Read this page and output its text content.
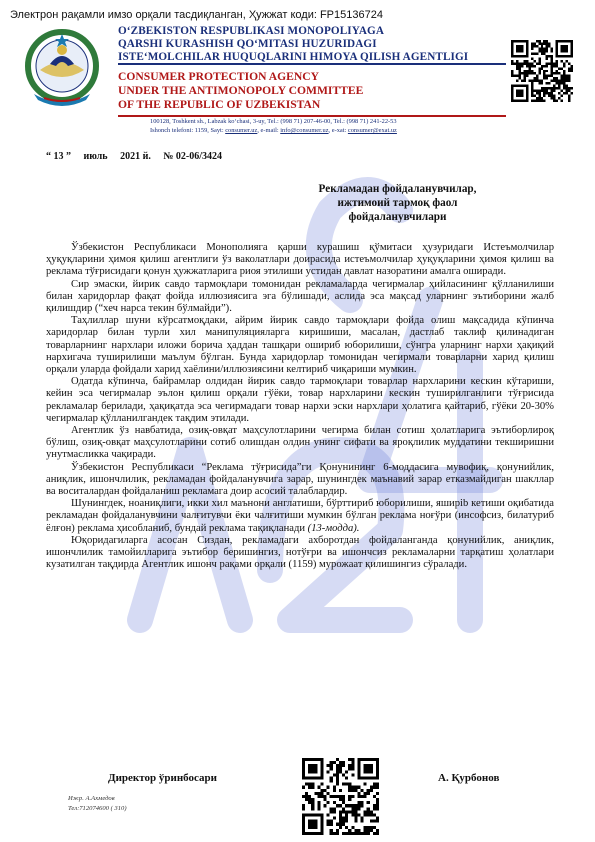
Электрон рақамли имзо орқали тасдиқланган, Ҳужжат коди: FP15136724
O‘ZBEKISTON RESPUBLIKASI MONOPOLIYAGA
QARSHI KURASHISH QO‘MITASI HUZURIDAGI
ISTE‘MOLCHILAR HUQUQLARINI HIMOYA QILISH AGENTLIGI
CONSUMER PROTECTION AGENCY
UNDER THE ANTIMONOPOLY COMMITTEE
OF THE REPUBLIC OF UZBEKISTAN
100128, Toshkent sh., Labzak ko‘chasi, 3-uy, Tel.: (998 71) 207-46-00, Tel.: (998 71) 241-22-53
Ishonch telefoni: 1159, Sayt: consumer.uz, e-mail: info@consumer.uz, e-xat: consumer@exat.uz
“ 13 ” июль 2021 й. № 02-06/3424
Рекламадан фойдаланувчилар,
ижтимоий тармоқ фаол
фойдаланувчилари

Ўзбекистон Республикаси Монополияга қарши курашиш қўмитаси ҳузуридаги Истеъмолчилар ҳуқуқларини ҳимоя қилиш агентлиги ўз ваколатлари доирасида истеъмолчилар ҳуқуқларини ҳимоя қилиш ва реклама тўғрисидаги қонун ҳужжатларига риоя этилиши устидан давлат назоратини амалга оширади.

Сир эмаски, йирик савдо тармоқлари томонидан рекламаларда чегирмалар ҳийласининг қўлланилиши билан харидорлар фақат фойда иллюзиясига эга бўлишади, аслида эса мақсад уларнинг эътиборини жалб қилишдир (“хеч нарса текин бўлмайди”).

Таҳлиллар шуни кўрсатмоқдаки, айрим йирик савдо тармоқлари фойда олиш мақсадида кўпинча харидорлар билан турли хил манипуляцияларга киришиши, масалан, дастлаб таклиф қилинадиган товарларнинг нархлари иложи борича ҳаддан ташқари ошириб юборилиши, сўнгра уларнинг нархи ҳақиқий нархигача туширилиши маълум бўлган. Бунда харидорлар томонидан чегирмали товарларни харид қилиш орқали уларда фойдали харид хаёлини/иллюзиясини келтириб чиқариши мумкин.

Одатда кўпинча, байрамлар олдидан йирик савдо тармоқлари товарлар нархларини кескин кўтариши, кейин эса чегирмалар эълон қилиш орқали гўёки, товар нархларини кескин туширилганлиги тўғрисида рекламалар берилади, ҳақиқатда эса чегирмадаги товар нархи эски нархлари ҳолатига қайтариб, гўёки 20-30% чегирмалар қўлланилгандек тақдим этилади.

Агентлик ўз навбатида, озиқ-овқат маҳсулотларини чегирма билан сотиш ҳолатларига эътиборлироқ бўлиш, озиқ-овқат маҳсулотларини сотиб олишдан олдин унинг сифати ва яроқлилик муддатини текширишни унутмасликка чақиради.

Ўзбекистон Республикаси “Реклама тўғрисида”ги Қонунининг 6-моддасига мувофиқ, қонунийлик, аниқлик, ишончлилик, рекламадан фойдаланувчига зарар, шунингдек маънавий зарар етказмайдиган шакллар ва воситалардан фойдаланиш рекламага доир асосий талаблардир.

Шунингдек, ноаниқлиги, икки хил маънони англатиши, бўрттириб юборилиши, яширib кетиши оқибатида рекламадан фойдаланувчини чалғитувчи ёки чалғитиши мумкин бўлган реклама ноғўри (инсофсиз, билатуриб ёлғон) реклама ҳисобланиб, бундай реклама тақиқланади (13-модда).

Юқоридагиларга асосан Сиздан, рекламадаги ахборотдан фойдаланганда қонунийлик, аниқлик, ишончлилик тамойилларига эътибор беришингиз, нотўғри ва ишончсиз рекламаларни тарқатиш ҳолатлари кузатилган тақдирда Агентлик ишонч рақами орқали (1159) мурожаат қилишингиз сўралади.

Директор ўринбосари	А. Қурбонов
Ижр. А.Ахмедов
Тел:712074600 ( 310)
